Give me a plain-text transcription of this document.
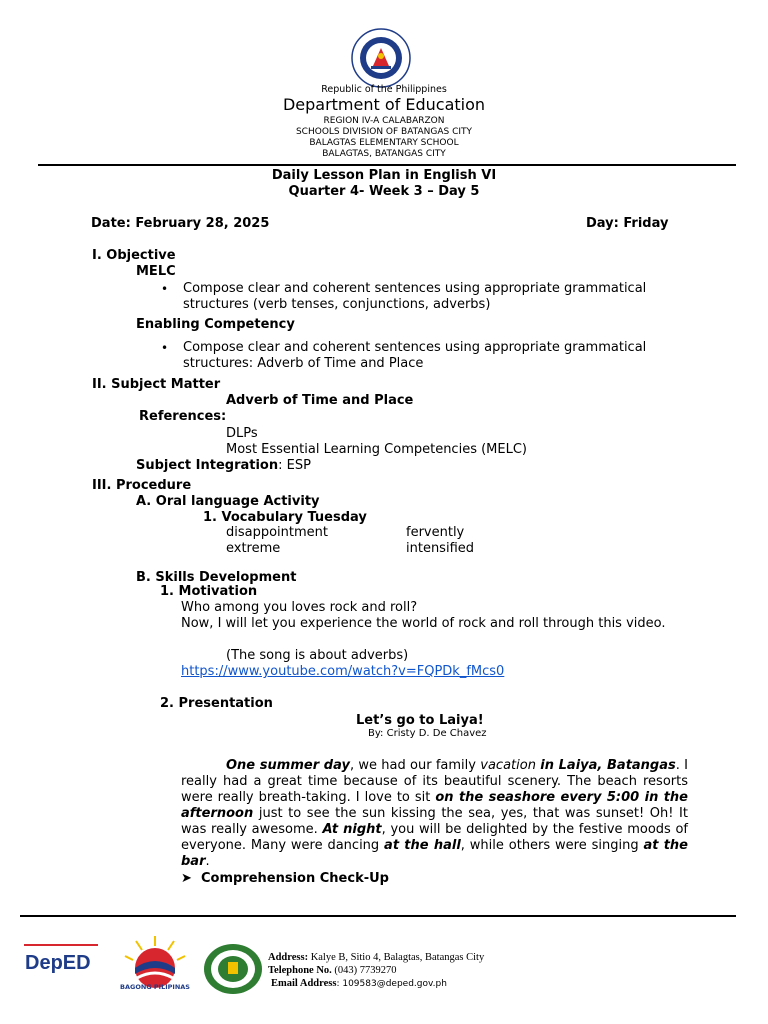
Republic of the Philippines
Department of Education
REGION IV-A CALABARZON
SCHOOLS DIVISION OF BATANGAS CITY
BALAGTAS ELEMENTARY SCHOOL
BALAGTAS, BATANGAS CITY
Daily Lesson Plan in English VI
Quarter 4- Week 3 – Day 5
Date: February 28, 2025	Day: Friday
I. Objective
MELC
• Compose clear and coherent sentences using appropriate grammatical structures (verb tenses, conjunctions, adverbs)
Enabling Competency
• Compose clear and coherent sentences using appropriate grammatical structures: Adverb of Time and Place
II. Subject Matter
Adverb of Time and Place
References:
DLPs
Most Essential Learning Competencies (MELC)
Subject Integration: ESP
III. Procedure
A. Oral language Activity
1. Vocabulary Tuesday
disappointment	fervently
extreme	intensified
B. Skills Development
1. Motivation
Who among you loves rock and roll?
Now, I will let you experience the world of rock and roll through this video.
(The song is about adverbs)
https://www.youtube.com/watch?v=FQPDk_fMcs0
2. Presentation
Let’s go to Laiya!
By: Cristy D. De Chavez
One summer day, we had our family vacation in Laiya, Batangas. I really had a great time because of its beautiful scenery. The beach resorts were really breath-taking. I love to sit on the seashore every 5:00 in the afternoon just to see the sun kissing the sea, yes, that was sunset! Oh! It was really awesome. At night, you will be delighted by the festive moods of everyone. Many were dancing at the hall, while others were singing at the bar.
➤ Comprehension Check-Up
DepED
BAGONG PILIPINAS
Address: Kalye B, Sitio 4, Balagtas, Batangas City
Telephone No. (043) 7739270
Email Address: 109583@deped.gov.ph
